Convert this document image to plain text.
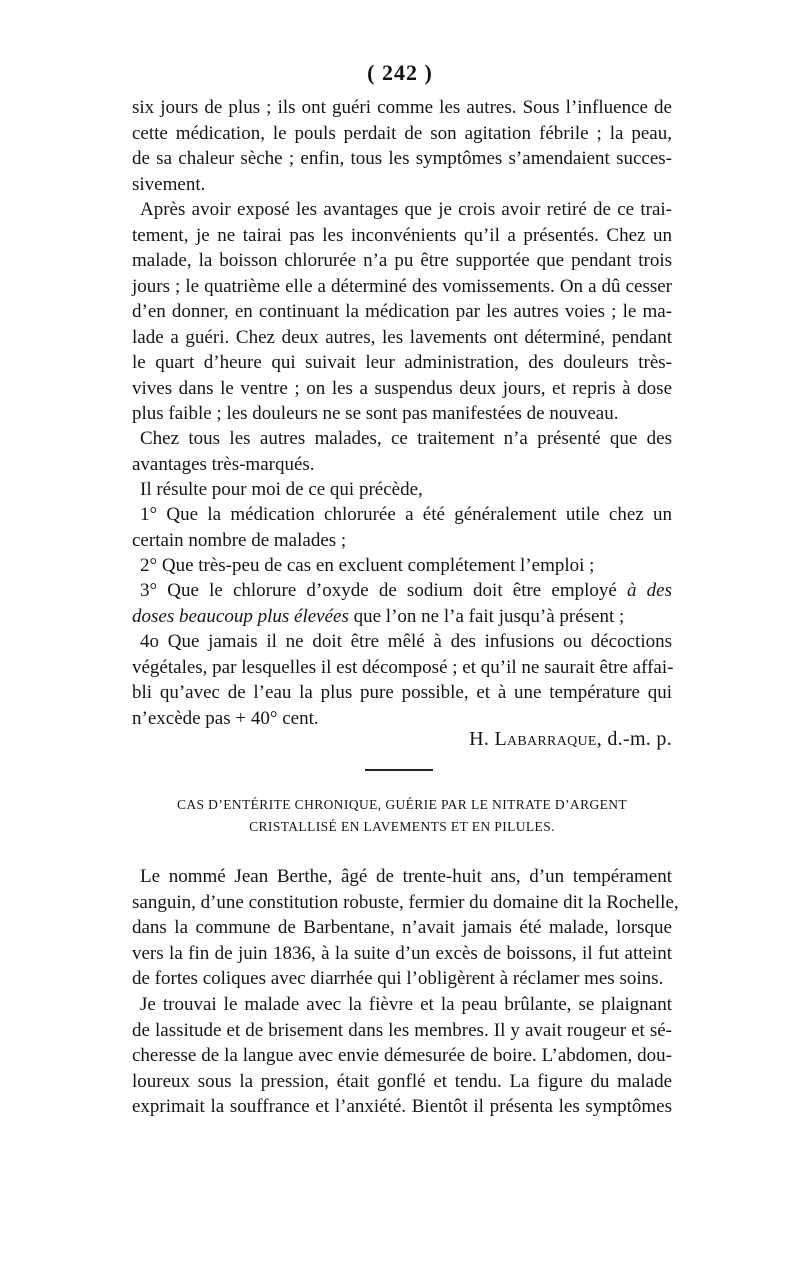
( 242 )

six jours de plus ; ils ont guéri comme les autres. Sous l’influence de
cette médication, le pouls perdait de son agitation fébrile ; la peau,
de sa chaleur sèche ; enfin, tous les symptômes s’amendaient succes-
sivement.

Après avoir exposé les avantages que je crois avoir retiré de ce trai-
tement, je ne tairai pas les inconvénients qu’il a présentés. Chez un
malade, la boisson chlorurée n’a pu être supportée que pendant trois
jours ; le quatrième elle a déterminé des vomissements. On a dû cesser
d’en donner, en continuant la médication par les autres voies ; le ma-
lade a guéri. Chez deux autres, les lavements ont déterminé, pendant
le quart d’heure qui suivait leur administration, des douleurs très-
vives dans le ventre ; on les a suspendus deux jours, et repris à dose
plus faible ; les douleurs ne se sont pas manifestées de nouveau.

Chez tous les autres malades, ce traitement n’a présenté que des
avantages très-marqués.

Il résulte pour moi de ce qui précède,

1° Que la médication chlorurée a été généralement utile chez un
certain nombre de malades ;

2° Que très-peu de cas en excluent complétement l’emploi ;

3° Que le chlorure d’oxyde de sodium doit être employé à des
doses beaucoup plus élevées que l’on ne l’a fait jusqu’à présent ;

4o Que jamais il ne doit être mêlé à des infusions ou décoctions
végétales, par lesquelles il est décomposé ; et qu’il ne saurait être affai-
bli qu’avec de l’eau la plus pure possible, et à une température qui
n’excède pas + 40° cent.

H. Labarraque, d.-m. p.
CAS D’ENTÉRITE CHRONIQUE, GUÉRIE PAR LE NITRATE D’ARGENT
CRISTALLISÉ EN LAVEMENTS ET EN PILULES.

Le nommé Jean Berthe, âgé de trente-huit ans, d’un tempérament
sanguin, d’une constitution robuste, fermier du domaine dit la Rochelle,
dans la commune de Barbentane, n’avait jamais été malade, lorsque
vers la fin de juin 1836, à la suite d’un excès de boissons, il fut atteint
de fortes coliques avec diarrhée qui l’obligèrent à réclamer mes soins.

Je trouvai le malade avec la fièvre et la peau brûlante, se plaignant
de lassitude et de brisement dans les membres. Il y avait rougeur et sé-
cheresse de la langue avec envie démesurée de boire. L’abdomen, dou-
loureux sous la pression, était gonflé et tendu. La figure du malade
exprimait la souffrance et l’anxiété. Bientôt il présenta les symptômes
